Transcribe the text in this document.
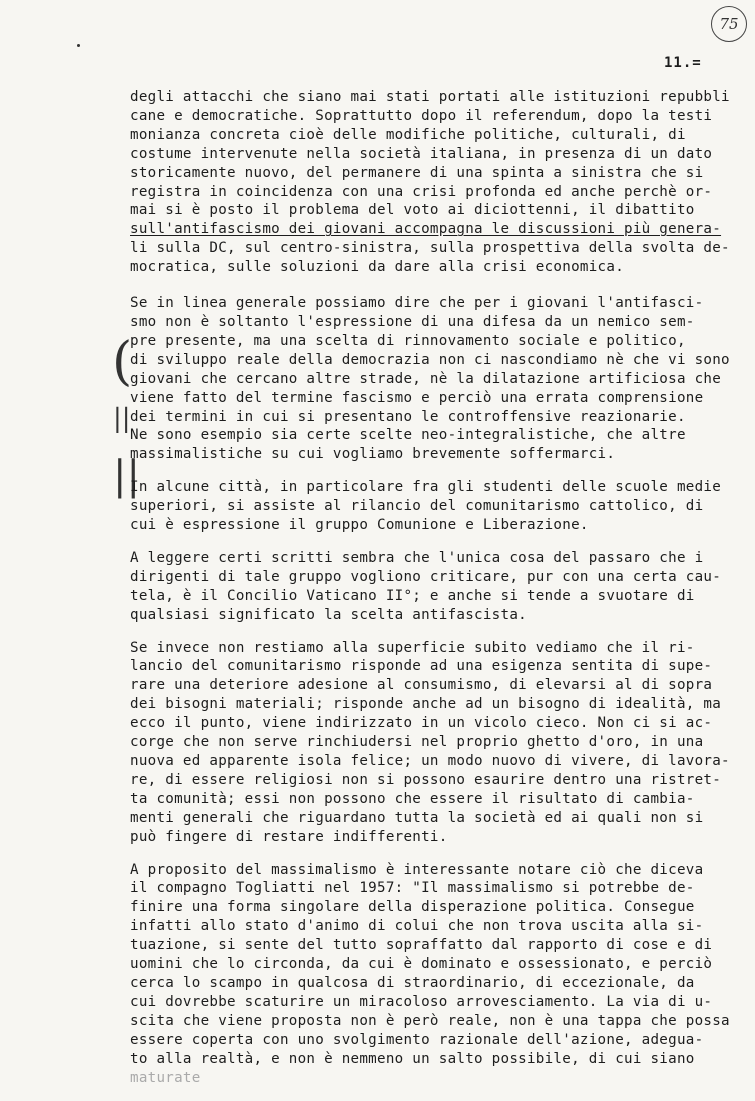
75
11.=
(
||
||
degli attacchi che siano mai stati portati alle istituzioni repubbli
cane e democratiche. Soprattutto dopo il referendum, dopo la testi
monianza concreta cioè delle modifiche politiche, culturali, di
costume intervenute nella società italiana, in presenza di un dato
storicamente nuovo, del permanere di una spinta a sinistra che si
registra in coincidenza con una crisi profonda ed anche perchè or-
mai si è posto il problema del voto ai diciottenni, il dibattito
sull'antifascismo dei giovani accompagna le discussioni più genera-
li sulla DC, sul centro-sinistra, sulla prospettiva della svolta de-
mocratica, sulle soluzioni da dare alla crisi economica.
Se in linea generale possiamo dire che per i giovani l'antifasci-
smo non è soltanto l'espressione di una difesa da un nemico sem-
pre presente, ma una scelta di rinnovamento sociale e politico,
di sviluppo reale della democrazia non ci nascondiamo nè che vi sono
giovani che cercano altre strade, nè la dilatazione artificiosa che
viene fatto del termine fascismo e perciò una errata comprensione
dei termini in cui si presentano le controffensive reazionarie.
Ne sono esempio sia certe scelte neo-integralistiche, che altre
massimalistiche su cui vogliamo brevemente soffermarci.
In alcune città, in particolare fra gli studenti delle scuole medie
superiori, si assiste al rilancio del comunitarismo cattolico, di
cui è espressione il gruppo Comunione e Liberazione.
A leggere certi scritti sembra che l'unica cosa del passaro che i
dirigenti di tale gruppo vogliono criticare, pur con una certa cau-
tela, è il Concilio Vaticano II°; e anche si tende a svuotare di
qualsiasi significato la scelta antifascista.
Se invece non restiamo alla superficie subito vediamo che il ri-
lancio del comunitarismo risponde ad una esigenza sentita di supe-
rare una deteriore adesione al consumismo, di elevarsi al di sopra
dei bisogni materiali; risponde anche ad un bisogno di idealità, ma
ecco il punto, viene indirizzato in un vicolo cieco. Non ci si ac-
corge che non serve rinchiudersi nel proprio ghetto d'oro, in una
nuova ed apparente isola felice; un modo nuovo di vivere, di lavora-
re, di essere religiosi non si possono esaurire dentro una ristret-
ta comunità; essi non possono che essere il risultato di cambia-
menti generali che riguardano tutta la società ed ai quali non si
può fingere di restare indifferenti.
A proposito del massimalismo è interessante notare ciò che diceva
il compagno Togliatti nel 1957: "Il massimalismo si potrebbe de-
finire una forma singolare della disperazione politica. Consegue
infatti allo stato d'animo di colui che non trova uscita alla si-
tuazione, si sente del tutto sopraffatto dal rapporto di cose e di
uomini che lo circonda, da cui è dominato e ossessionato, e perciò
cerca lo scampo in qualcosa di straordinario, di eccezionale, da
cui dovrebbe scaturire un miracoloso arrovesciamento. La via di u-
scita che viene proposta non è però reale, non è una tappa che possa
essere coperta con uno svolgimento razionale dell'azione, adegua-
to alla realtà, e non è nemmeno un salto possibile, di cui siano
maturate
